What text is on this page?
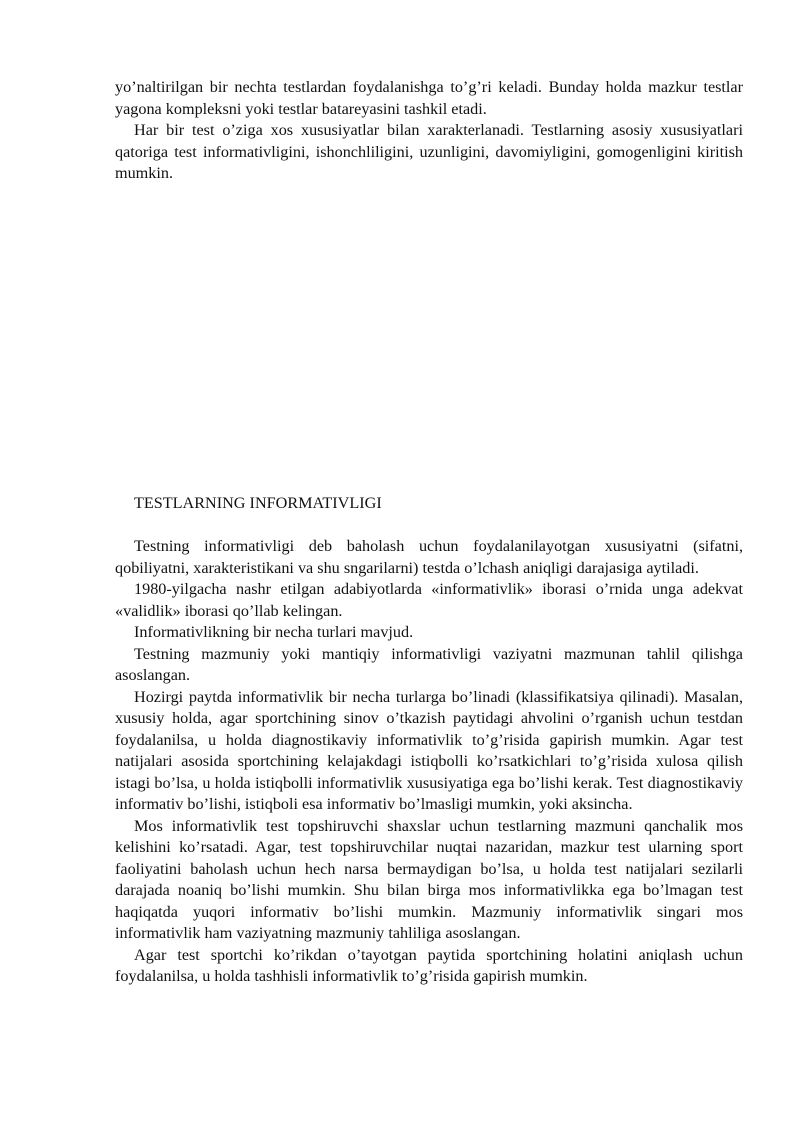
yo’naltirilgan bir nechta testlardan foydalanishga to’g’ri keladi. Bunday holda mazkur testlar yagona kompleksni yoki testlar batareyasini tashkil etadi.

Har bir test o’ziga xos xususiyatlar bilan xarakterlanadi. Testlarning asosiy xususiyatlari qatoriga test informativligini, ishonchliligini, uzunligini, davomiyligini, gomogenligini kiritish mumkin.

TESTLARNING INFORMATIVLIGI

Testning informativligi deb baholash uchun foydalanilayotgan xususiyatni (sifatni, qobiliyatni, xarakteristikani va shu sngarilarni) testda o’lchash aniqligi darajasiga aytiladi.

1980-yilgacha nashr etilgan adabiyotlarda «informativlik» iborasi o’rnida unga adekvat «validlik» iborasi qo’llab kelingan.

Informativlikning bir necha turlari mavjud.

Testning mazmuniy yoki mantiqiy informativligi vaziyatni mazmunan tahlil qilishga asoslangan.

Hozirgi paytda informativlik bir necha turlarga bo’linadi (klassifikatsiya qilinadi). Masalan, xususiy holda, agar sportchining sinov o’tkazish paytidagi ahvolini o’rganish uchun testdan foydalanilsa, u holda diagnostikaviy informativlik to’g’risida gapirish mumkin. Agar test natijalari asosida sportchining kelajakdagi istiqbolli ko’rsatkichlari to’g’risida xulosa qilish istagi bo’lsa, u holda istiqbolli informativlik xususiyatiga ega bo’lishi kerak. Test diagnostikaviy informativ bo’lishi, istiqboli esa informativ bo’lmasligi mumkin, yoki aksincha.

Mos informativlik test topshiruvchi shaxslar uchun testlarning mazmuni qanchalik mos kelishini ko’rsatadi. Agar, test topshiruvchilar nuqtai nazaridan, mazkur test ularning sport faoliyatini baholash uchun hech narsa bermaydigan bo’lsa, u holda test natijalari sezilarli darajada noaniq bo’lishi mumkin. Shu bilan birga mos informativlikka ega bo’lmagan test haqiqatda yuqori informativ bo’lishi mumkin. Mazmuniy informativlik singari mos informativlik ham vaziyatning mazmuniy tahliliga asoslangan.

Agar test sportchi ko’rikdan o’tayotgan paytida sportchining holatini aniqlash uchun foydalanilsa, u holda tashhisli informativlik to’g’risida gapirish mumkin.
